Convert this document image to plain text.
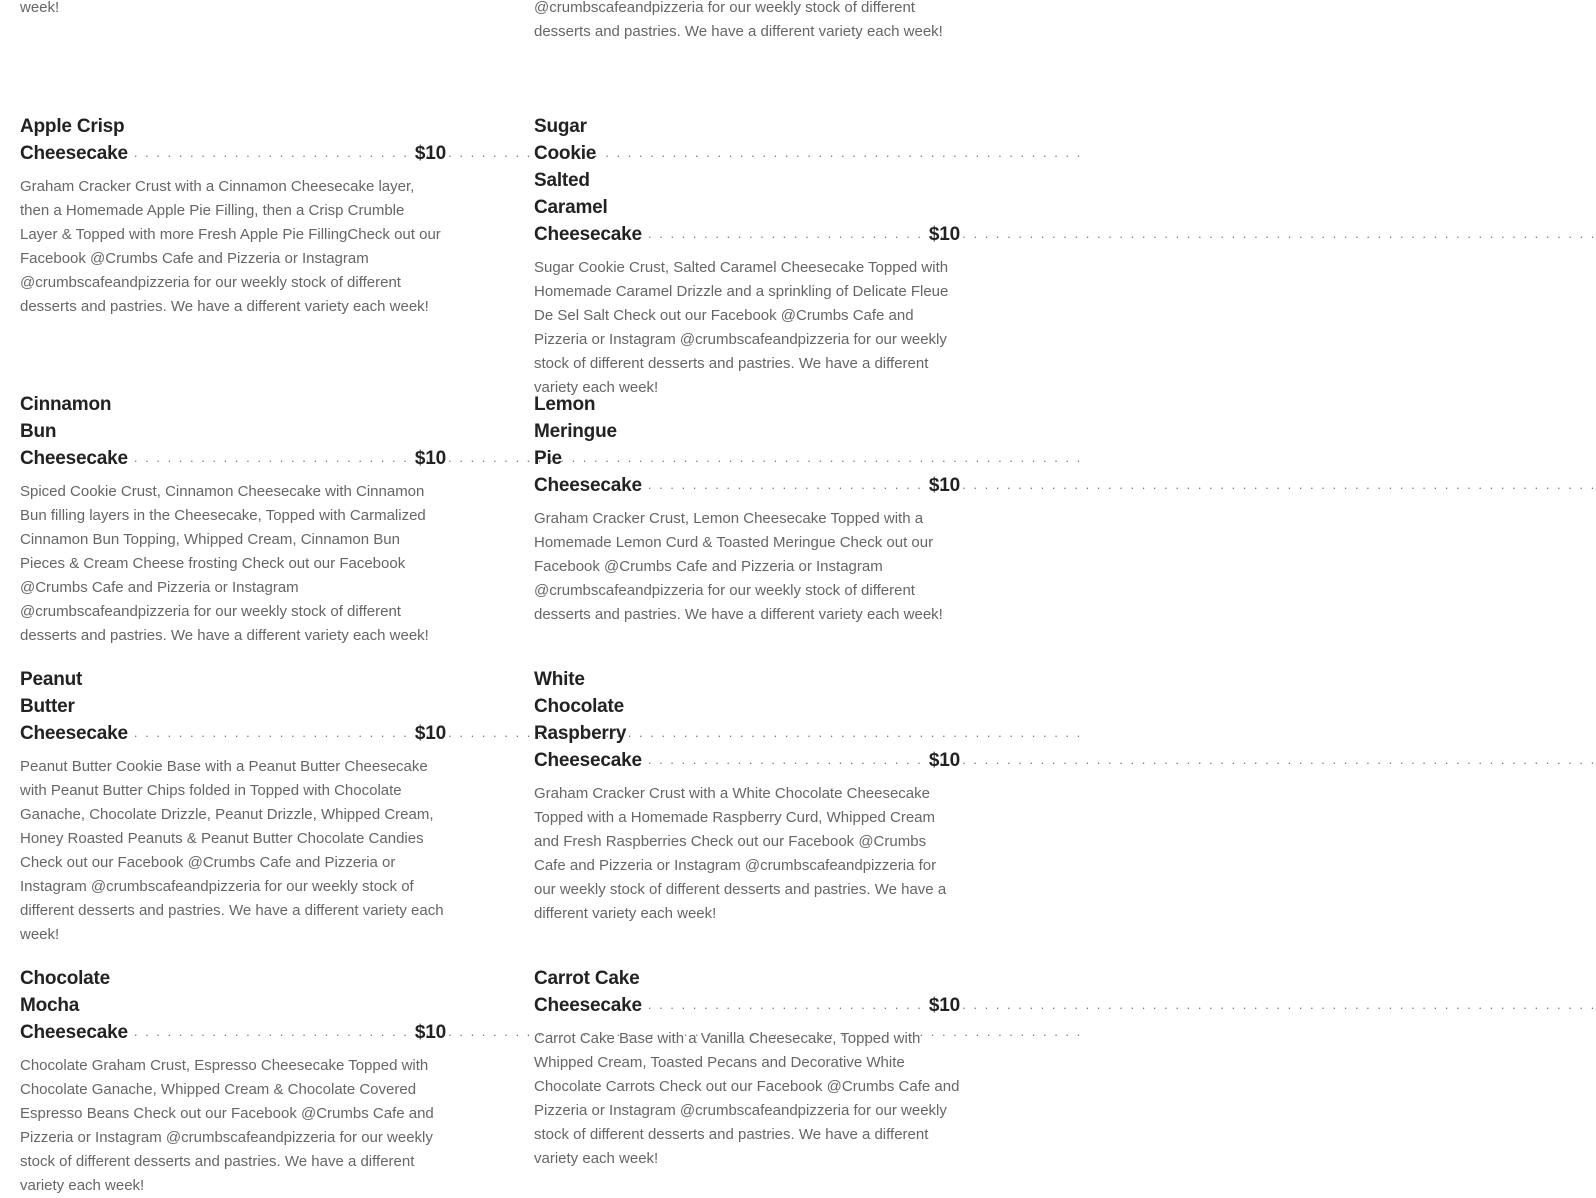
week!	@crumbscafeandpizzeria for our weekly stock of different
desserts and pastries. We have a different variety each week!

Apple Crisp Cheesecake . . .	$10

Graham Cracker Crust with a Cinnamon Cheesecake layer, then a Homemade Apple Pie Filling, then a Crisp Crumble Layer & Topped with more Fresh Apple Pie FillingCheck out our Facebook @Crumbs Cafe and Pizzeria or Instagram @crumbscafeandpizzeria for our weekly stock of different desserts and pastries. We have a different variety each week!

Sugar Cookie Salted Caramel Cheesecake . . .	$10

Sugar Cookie Crust, Salted Caramel Cheesecake Topped with Homemade Caramel Drizzle and a sprinkling of Delicate Fleue De Sel Salt Check out our Facebook @Crumbs Cafe and Pizzeria or Instagram @crumbscafeandpizzeria for our weekly stock of different desserts and pastries. We have a different variety each week!

Cinnamon Bun Cheesecake . . .	$10

Spiced Cookie Crust, Cinnamon Cheesecake with Cinnamon Bun filling layers in the Cheesecake, Topped with Carmalized Cinnamon Bun Topping, Whipped Cream, Cinnamon Bun Pieces & Cream Cheese frosting Check out our Facebook @Crumbs Cafe and Pizzeria or Instagram @crumbscafeandpizzeria for our weekly stock of different desserts and pastries. We have a different variety each week!

Lemon Meringue Pie Cheesecake . . .	$10

Graham Cracker Crust, Lemon Cheesecake Topped with a Homemade Lemon Curd & Toasted Meringue Check out our Facebook @Crumbs Cafe and Pizzeria or Instagram @crumbscafeandpizzeria for our weekly stock of different desserts and pastries. We have a different variety each week!

Peanut Butter Cheesecake . . .	$10

Peanut Butter Cookie Base with a Peanut Butter Cheesecake with Peanut Butter Chips folded in Topped with Chocolate Ganache, Chocolate Drizzle, Peanut Drizzle, Whipped Cream, Honey Roasted Peanuts & Peanut Butter Chocolate Candies Check out our Facebook @Crumbs Cafe and Pizzeria or Instagram @crumbscafeandpizzeria for our weekly stock of different desserts and pastries. We have a different variety each week!

White Chocolate Raspberry Cheesecake . . .	$10

Graham Cracker Crust with a White Chocolate Cheesecake Topped with a Homemade Raspberry Curd, Whipped Cream and Fresh Raspberries Check out our Facebook @Crumbs Cafe and Pizzeria or Instagram @crumbscafeandpizzeria for our weekly stock of different desserts and pastries. We have a different variety each week!

Chocolate Mocha Cheesecake . . .	$10

Chocolate Graham Crust, Espresso Cheesecake Topped with Chocolate Ganache, Whipped Cream & Chocolate Covered Espresso Beans Check out our Facebook @Crumbs Cafe and Pizzeria or Instagram @crumbscafeandpizzeria for our weekly stock of different desserts and pastries. We have a different variety each week!

Carrot Cake Cheesecake . . .	$10

Carrot Cake Base with a Vanilla Cheesecake, Topped with Whipped Cream, Toasted Pecans and Decorative White Chocolate Carrots Check out our Facebook @Crumbs Cafe and Pizzeria or Instagram @crumbscafeandpizzeria for our weekly stock of different desserts and pastries. We have a different variety each week!
